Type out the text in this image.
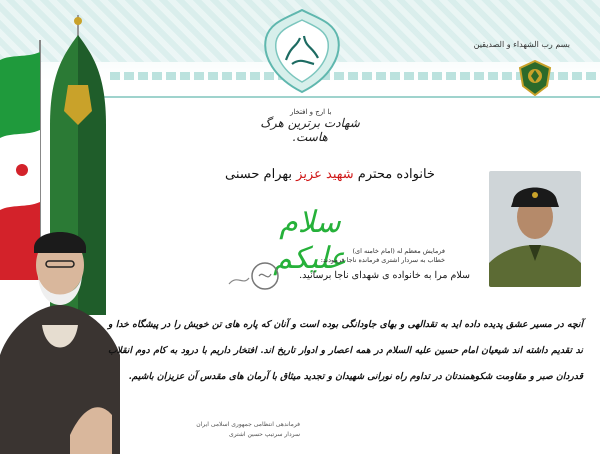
بسم رب الشهداء و الصدیقین
با ارج و افتخار
شهادت برترین هرگ هاست.
خانواده محترم شهید عزیز بهرام حسنی
سلام عليكم فرمایش معظم له (امام خامنه ای)
خطاب به سردار اشتری فرمانده ناجا فرمودند:
سلام مرا به خانواده ی شهدای ناجا برسانید.
آنچه در مسیر عشق پدیده داده اید به تقدالهی و بهای جاودانگی بوده است و آنان که پاره های تن خویش را در پیشگاه خدا و ند تقدیم داشته اند شیعیان امام حسین علیه السلام در همه اعصار و ادوار تاریخ اند. افتخار داریم با درود به کام دوم انقلاب قدردان صبر و مقاومت شکوهمندتان در تداوم راه نورانی شهیدان و تجدید میثاق با آرمان های مقدس آن عزیزان باشیم.
فرماندهی انتظامی جمهوری اسلامی ایران
سردار سرتیپ حسین اشتری
